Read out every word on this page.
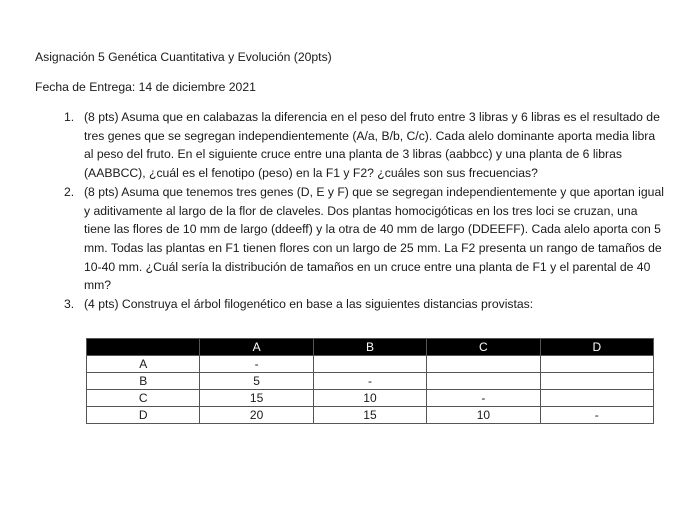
Asignación 5 Genética Cuantitativa y Evolución (20pts)
Fecha de Entrega: 14 de diciembre 2021
1. (8 pts) Asuma que en calabazas la diferencia en el peso del fruto entre 3 libras y 6 libras es el resultado de tres genes que se segregan independientemente (A/a, B/b, C/c). Cada alelo dominante aporta media libra al peso del fruto. En el siguiente cruce entre una planta de 3 libras (aabbcc) y una planta de 6 libras (AABBCC), ¿cuál es el fenotipo (peso) en la F1 y F2? ¿cuáles son sus frecuencias?
2. (8 pts) Asuma que tenemos tres genes (D, E y F) que se segregan independientemente y que aportan igual y aditivamente al largo de la flor de claveles. Dos plantas homocigóticas en los tres loci se cruzan, una tiene las flores de 10 mm de largo (ddeeff) y la otra de 40 mm de largo (DDEEFF). Cada alelo aporta con 5 mm. Todas las plantas en F1 tienen flores con un largo de 25 mm. La F2 presenta un rango de tamaños de 10-40 mm. ¿Cuál sería la distribución de tamaños en un cruce entre una planta de F1 y el parental de 40 mm?
3. (4 pts) Construya el árbol filogenético en base a las siguientes distancias provistas:
	A	B	C	D
A	-			
B	5	-		
C	15	10	-	
D	20	15	10	-
